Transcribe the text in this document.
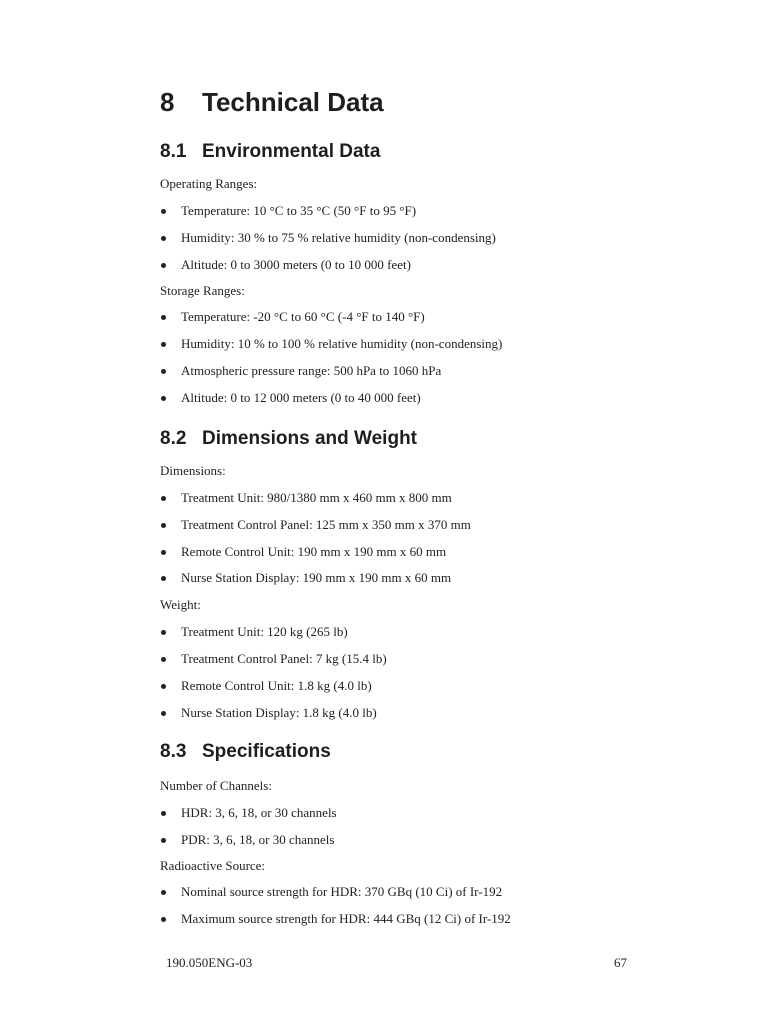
8 Technical Data
8.1 Environmental Data
Operating Ranges:
Temperature: 10 °C to 35 °C (50 °F to 95 °F)
Humidity: 30 % to 75 % relative humidity (non-condensing)
Altitude: 0 to 3000 meters (0 to 10 000 feet)
Storage Ranges:
Temperature: -20 °C to 60 °C (-4 °F to 140 °F)
Humidity: 10 % to 100 % relative humidity (non-condensing)
Atmospheric pressure range: 500 hPa to 1060 hPa
Altitude: 0 to 12 000 meters (0 to 40 000 feet)
8.2 Dimensions and Weight
Dimensions:
Treatment Unit: 980/1380 mm x 460 mm x 800 mm
Treatment Control Panel: 125 mm x 350 mm x 370 mm
Remote Control Unit: 190 mm x 190 mm x 60 mm
Nurse Station Display: 190 mm x 190 mm x 60 mm
Weight:
Treatment Unit: 120 kg (265 lb)
Treatment Control Panel: 7 kg (15.4 lb)
Remote Control Unit: 1.8 kg (4.0 lb)
Nurse Station Display: 1.8 kg (4.0 lb)
8.3 Specifications
Number of Channels:
HDR: 3, 6, 18, or 30 channels
PDR: 3, 6, 18, or 30 channels
Radioactive Source:
Nominal source strength for HDR: 370 GBq (10 Ci) of Ir-192
Maximum source strength for HDR: 444 GBq (12 Ci) of Ir-192
190.050ENG-03	67
